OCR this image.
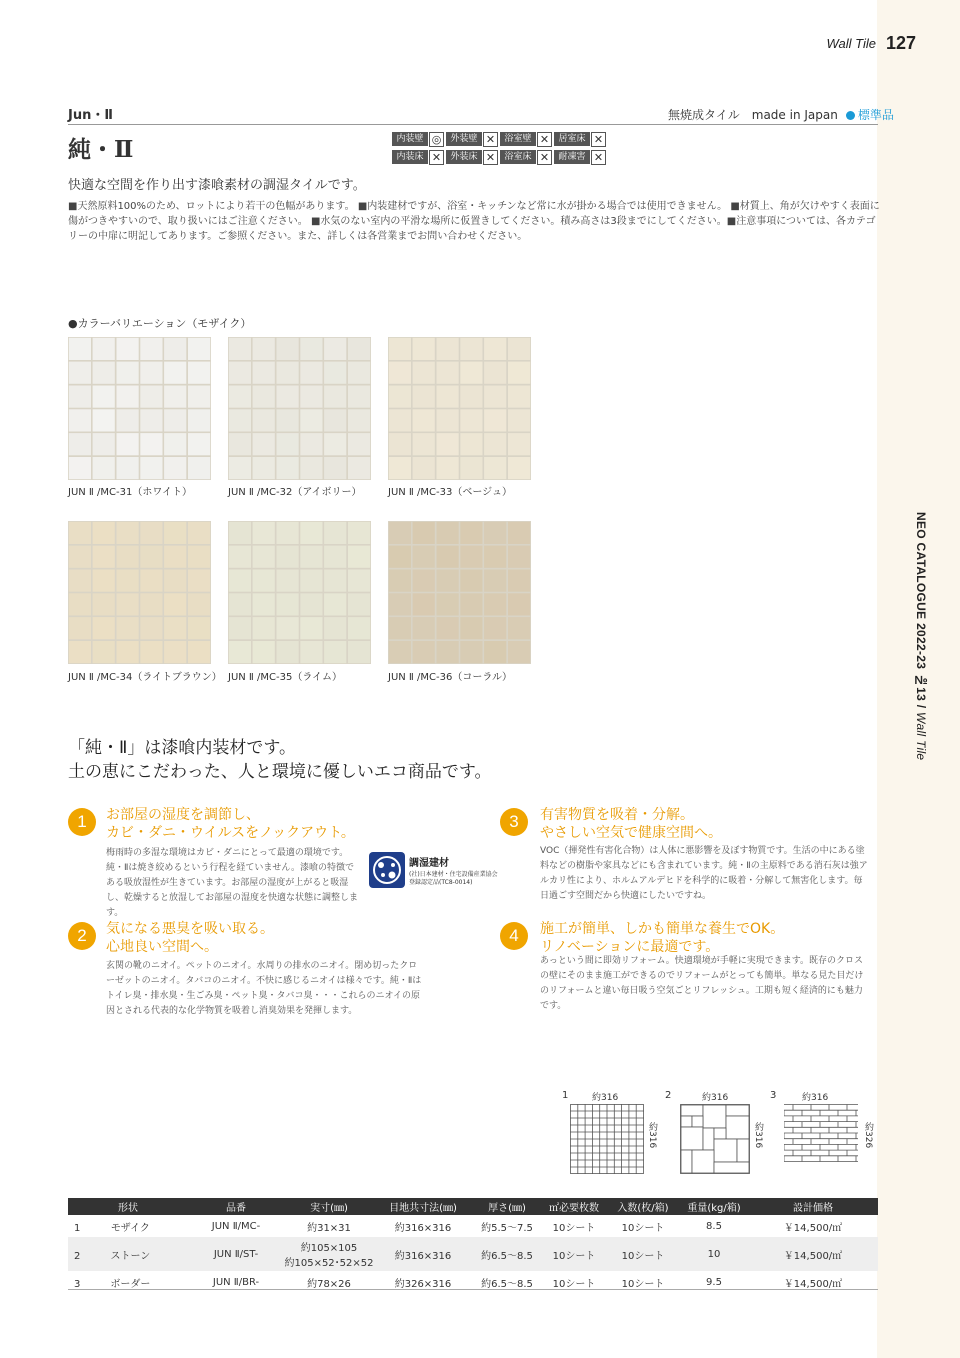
Wall Tile 127
NEO CATALOGUE 2022-23 №13 / Wall Tile
Jun・Ⅱ	無焼成タイル　made in Japan 標準品
純・Ⅱ	内装壁 ◎	外装壁 ✕	浴室壁 ✕	居室床 ✕
内装床 ✕	外装床 ✕	浴室床 ✕	耐凍害 ✕
快適な空間を作り出す漆喰素材の調湿タイルです。
■天然原料100%のため、ロットにより若干の色幅があります。 ■内装建材ですが、浴室・キッチンなど常に水が掛かる場合では使用できません。 ■材質上、角が欠けやすく表面に傷がつきやすいので、取り扱いにはご注意ください。 ■水気のない室内の平滑な場所に仮置きしてください。積み高さは3段までにしてください。■注意事項については、各カテゴリーの中扉に明記してあります。ご参照ください。また、詳しくは各営業までお問い合わせください。
●カラーバリエーション（モザイク）
JUN Ⅱ /MC-31（ホワイト）	JUN Ⅱ /MC-32（アイボリー）	JUN Ⅱ /MC-33（ベージュ）
JUN Ⅱ /MC-34（ライトブラウン） JUN Ⅱ /MC-35（ライム）	JUN Ⅱ /MC-36（コーラル）
「純・Ⅱ」は漆喰内装材です。
土の恵にこだわった、人と環境に優しいエコ商品です。
1	お部屋の湿度を調節し、
カビ・ダニ・ウイルスをノックアウト。
梅雨時の多湿な環境はカビ・ダニにとって最適の環境です。純・Ⅱは焼き絞めるという行程を経ていません。漆喰の特徴である吸放湿性が生きています。お部屋の湿度が上がると吸湿し、乾燥すると放湿してお部屋の湿度を快適な状態に調整します。
調湿建材
(社)日本建材・住宅設備産業協会
登録認定品(TC8-0014)
2	気になる悪臭を吸い取る。
心地良い空間へ。
玄関の靴のニオイ。ペットのニオイ。水周りの排水のニオイ。閉め切ったクローゼットのニオイ。タバコのニオイ。不快に感じるニオイは様々です。純・Ⅱはトイレ臭・排水臭・生ごみ臭・ペット臭・タバコ臭・・・これらのニオイの原因とされる代表的な化学物質を吸着し消臭効果を発揮します。
3	有害物質を吸着・分解。
やさしい空気で健康空間へ。
VOC（揮発性有害化合物）は人体に悪影響を及ぼす物質です。生活の中にある塗料などの樹脂や家具などにも含まれています。純・Ⅱの主原料である消石灰は強アルカリ性により、ホルムアルデヒドを科学的に吸着・分解して無害化します。毎日過ごす空間だから快適にしたいですね。
4	施工が簡単、しかも簡単な養生でOK。
リノベーションに最適です。
あっという間に即効リフォーム。快適環境が手軽に実現できます。既存のクロスの壁にそのまま施工ができるのでリフォームがとっても簡単。単なる見た目だけのリフォームと違い毎日吸う空気ごとリフレッシュ。工期も短く経済的にも魅力です。
1	約316
約316
2	約316
約316
3	約316
約326
形状	品番	実寸(㎜)	目地共寸法(㎜)	厚さ(㎜)	㎡必要枚数	入数(枚/箱)	重量(kg/箱)	設計価格
1 モザイク	JUN Ⅱ/MC-	約31×31	約316×316	約5.5～7.5	10シート	10シート	8.5	￥14,500/㎡
2 ストーン	JUN Ⅱ/ST-	約105×105
約105×52･52×52	約316×316	約6.5～8.5	10シート	10シート	10	￥14,500/㎡
3 ボーダー	JUN Ⅱ/BR-	約78×26	約326×316	約6.5～8.5	10シート	10シート	9.5	￥14,500/㎡
